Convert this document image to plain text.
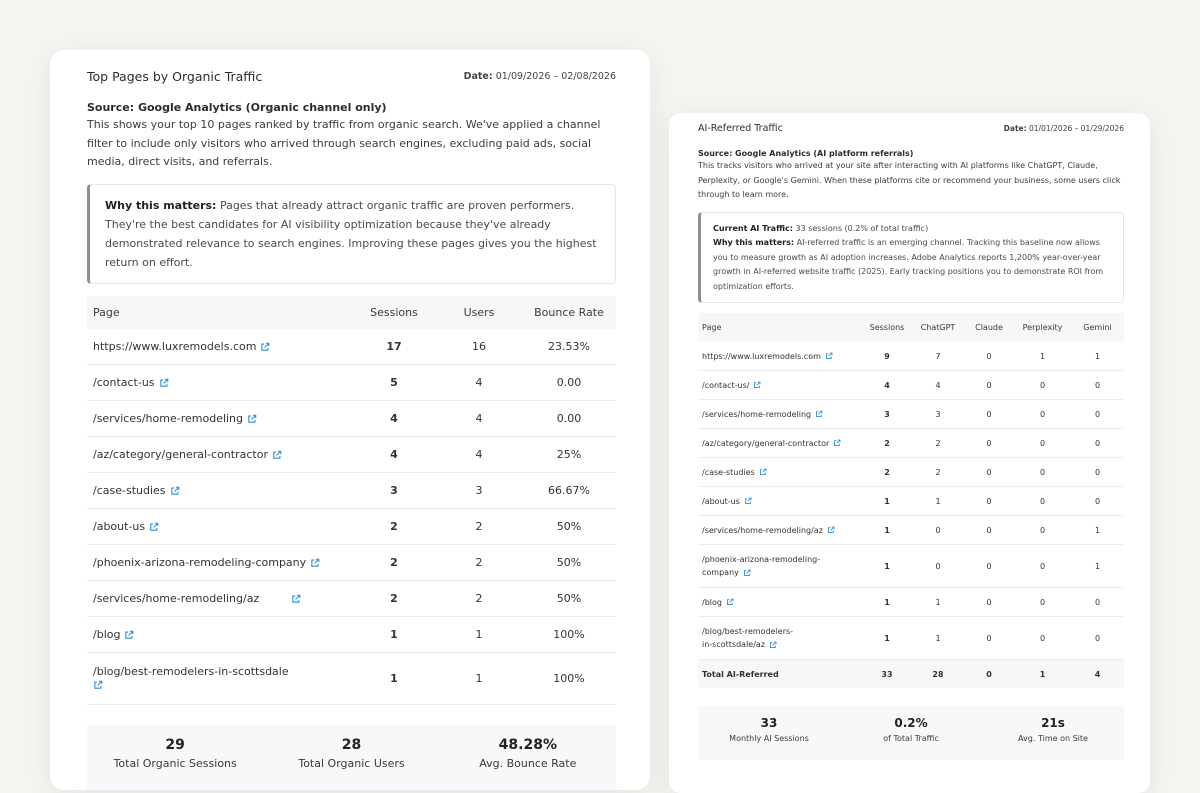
Top Pages by Organic Traffic	Date: 01/09/2026 – 02/08/2026
Source: Google Analytics (Organic channel only)
This shows your top 10 pages ranked by traffic from organic search. We've applied a channel filter to include only visitors who arrived through search engines, excluding paid ads, social media, direct visits, and referrals.
Why this matters: Pages that already attract organic traffic are proven performers. They're the best candidates for AI visibility optimization because they've already demonstrated relevance to search engines. Improving these pages gives you the highest return on effort.
Page	Sessions	Users	Bounce Rate
https://www.luxremodels.com	17	16	23.53%
/contact-us	5	4	0.00
/services/home-remodeling	4	4	0.00
/az/category/general-contractor	4	4	25%
/case-studies	3	3	66.67%
/about-us	2	2	50%
/phoenix-arizona-remodeling-company	2	2	50%
/services/home-remodeling/az	2	2	50%
/blog	1	1	100%
/blog/best-remodelers-in-scottsdale	1	1	100%
29
Total Organic Sessions
28
Total Organic Users
48.28%
Avg. Bounce Rate
AI-Referred Traffic	Date: 01/01/2026 – 01/29/2026
Source: Google Analytics (AI platform referrals)
This tracks visitors who arrived at your site after interacting with AI platforms like ChatGPT, Claude, Perplexity, or Google's Gemini. When these platforms cite or recommend your business, some users click through to learn more.
Current AI Traffic: 33 sessions (0.2% of total traffic)
Why this matters: AI-referred traffic is an emerging channel. Tracking this baseline now allows you to measure growth as AI adoption increases. Adobe Analytics reports 1,200% year-over-year growth in AI-referred website traffic (2025). Early tracking positions you to demonstrate ROI from optimization efforts.
Page	Sessions	ChatGPT	Claude	Perplexity	Gemini
https://www.luxremodels.com	9	7	0	1	1
/contact-us/	4	4	0	0	0
/services/home-remodeling	3	3	0	0	0
/az/category/general-contractor	2	2	0	0	0
/case-studies	2	2	0	0	0
/about-us	1	1	0	0	0
/services/home-remodeling/az	1	0	0	0	1
/phoenix-arizona-remodeling-company	1	0	0	0	1
/blog	1	1	0	0	0
/blog/best-remodelers-in-scottsdale/az	1	1	0	0	0
Total AI-Referred	33	28	0	1	4
33
Monthly AI Sessions
0.2%
of Total Traffic
21s
Avg. Time on Site
